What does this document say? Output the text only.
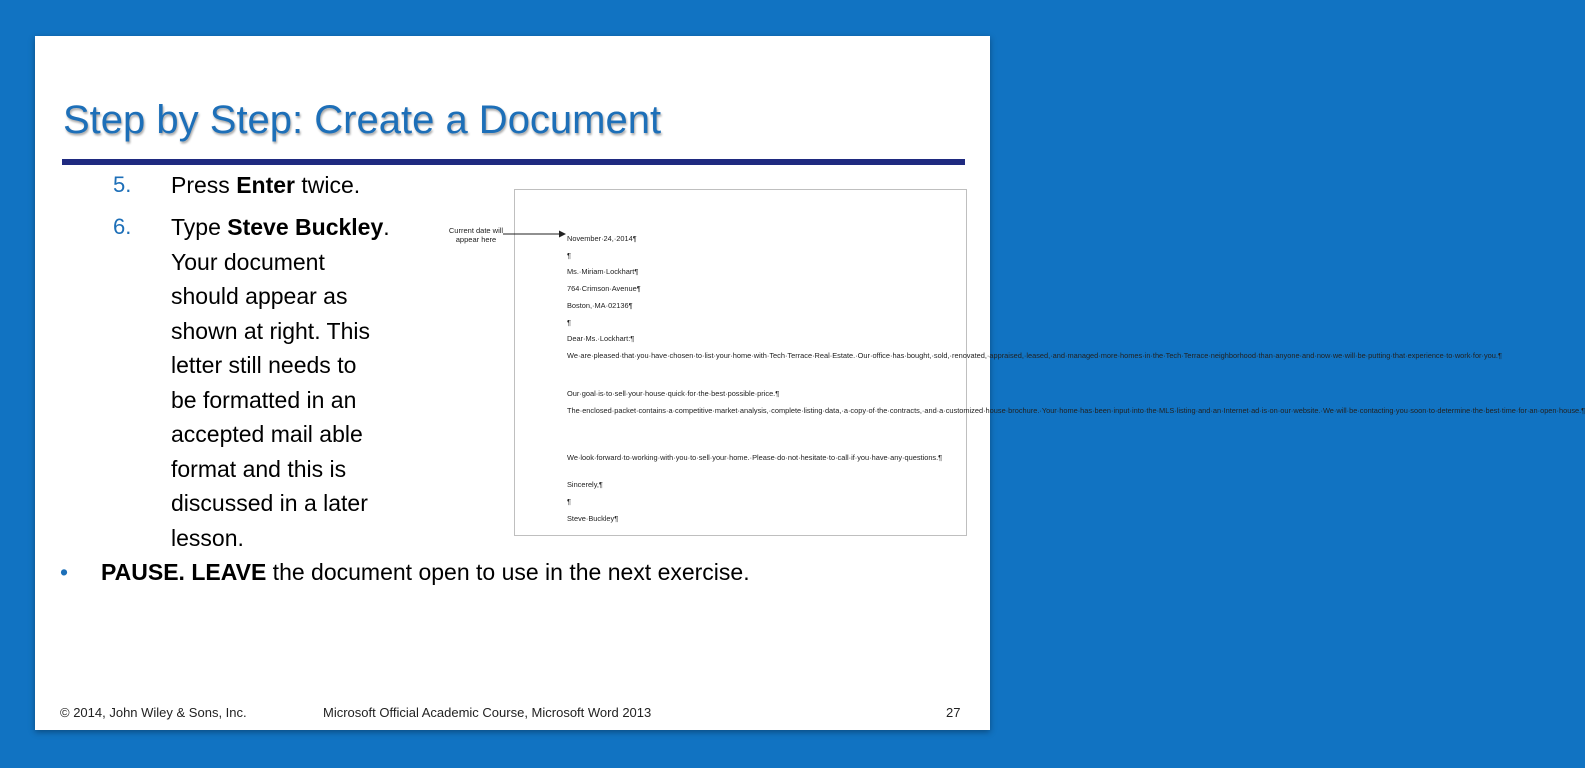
Step by Step: Create a Document
5. Press Enter twice.
6. Type Steve Buckley.
Your document
should appear as
shown at right. This
letter still needs to
be formatted in an
accepted mail able
format and this is
discussed in a later
lesson.
• PAUSE. LEAVE the document open to use in the next exercise.
Current date will appear here	November·24,·2014¶
¶
Ms.·Miriam·Lockhart¶
764·Crimson·Avenue¶
Boston,·MA·02136¶
¶
Dear·Ms.·Lockhart:¶
We·are·pleased·that·you·have·chosen·to·list·your·home·with·Tech·Terrace·Real·Estate.·Our·office·has·bought,·sold,·renovated,·appraised,·leased,·and·managed·more·homes·in·the·Tech·Terrace·neighborhood·than·anyone·and·now·we·will·be·putting·that·experience·to·work·for·you.¶
Our·goal·is·to·sell·your·house·quick·for·the·best·possible·price.¶
The·enclosed·packet·contains·a·competitive·market·analysis,·complete·listing·data,·a·copy·of·the·contracts,·and·a·customized·house·brochure.·Your·home·has·been·input·into·the·MLS·listing·and·an·Internet·ad·is·on·our·website.·We·will·be·contacting·you·soon·to·determine·the·best·time·for·an·open·house.¶
We·look·forward·to·working·with·you·to·sell·your·home.·Please·do·not·hesitate·to·call·if·you·have·any·questions.¶
Sincerely,¶
¶
Steve·Buckley¶
© 2014, John Wiley & Sons, Inc.	Microsoft Official Academic Course, Microsoft Word 2013	27
